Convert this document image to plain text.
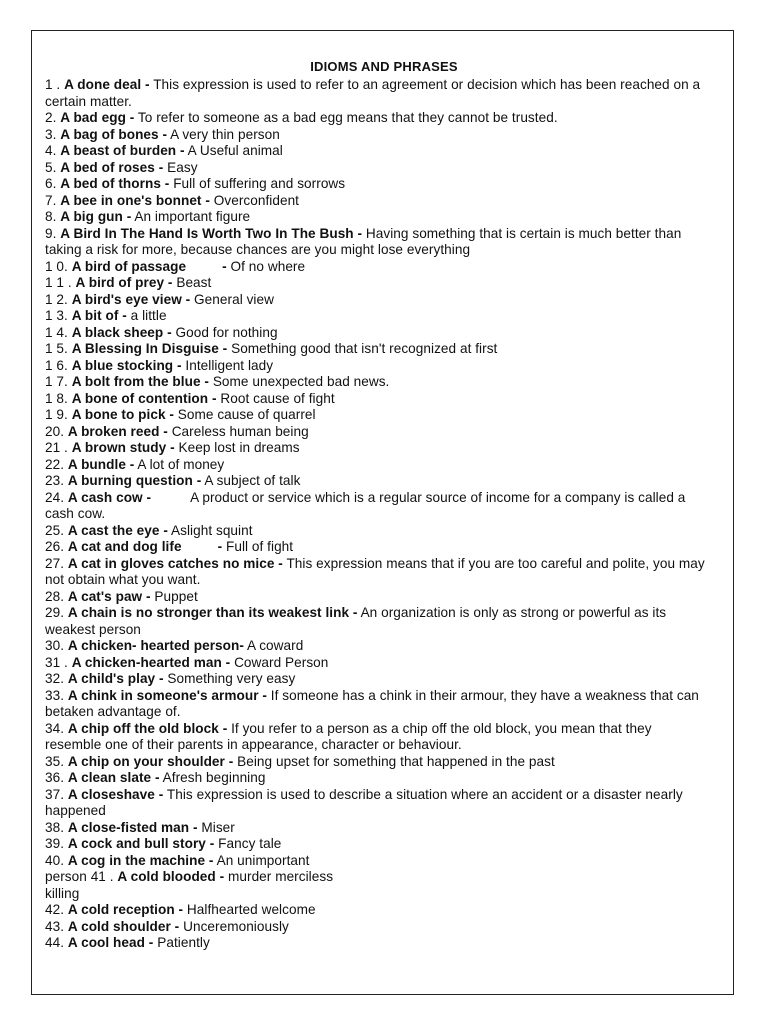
IDIOMS AND PHRASES
1 . A done deal - This expression is used to refer to an agreement or decision which has been reached on a certain matter.
2. A bad egg - To refer to someone as a bad egg means that they cannot be trusted.
3. A bag of bones - A very thin person
4. A beast of burden - A Useful animal
5. A bed of roses - Easy
6. A bed of thorns - Full of suffering and sorrows
7. A bee in one's bonnet - Overconfident
8. A big gun - An important figure
9. A Bird In The Hand Is Worth Two In The Bush - Having something that is certain is much better than taking a risk for more, because chances are you might lose everything
1 0. A bird of passage	- Of no where
1 1 . A bird of prey - Beast
1 2. A bird's eye view - General view
1 3. A bit of - a little
1 4. A black sheep - Good for nothing
1 5. A Blessing In Disguise - Something good that isn't recognized at first
1 6. A blue stocking - Intelligent lady
1 7. A bolt from the blue - Some unexpected bad news.
1 8. A bone of contention - Root cause of fight
1 9. A bone to pick - Some cause of quarrel
20. A broken reed - Careless human being
21 . A brown study - Keep lost in dreams
22. A bundle - A lot of money
23. A burning question - A subject of talk
24. A cash cow -	A product or service which is a regular source of income for a company is called a cash cow.
25. A cast the eye - Aslight squint
26. A cat and dog life	- Full of fight
27. A cat in gloves catches no mice - This expression means that if you are too careful and polite, you may not obtain what you want.
28. A cat's paw - Puppet
29. A chain is no stronger than its weakest link - An organization is only as strong or powerful as its weakest person
30. A chicken- hearted person- A coward
31 . A chicken-hearted man - Coward Person
32. A child's play - Something very easy
33. A chink in someone's armour - If someone has a chink in their armour, they have a weakness that can betaken advantage of.
34. A chip off the old block - If you refer to a person as a chip off the old block, you mean that they resemble one of their parents in appearance, character or behaviour.
35. A chip on your shoulder - Being upset for something that happened in the past
36. A clean slate - Afresh beginning
37. A closeshave - This expression is used to describe a situation where an accident or a disaster nearly happened
38. A close-fisted man - Miser
39. A cock and bull story - Fancy tale
40. A cog in the machine - An unimportant
person 41 . A cold blooded - murder merciless
killing
42. A cold reception - Halfhearted welcome
43. A cold shoulder - Unceremoniously
44. A cool head - Patiently
